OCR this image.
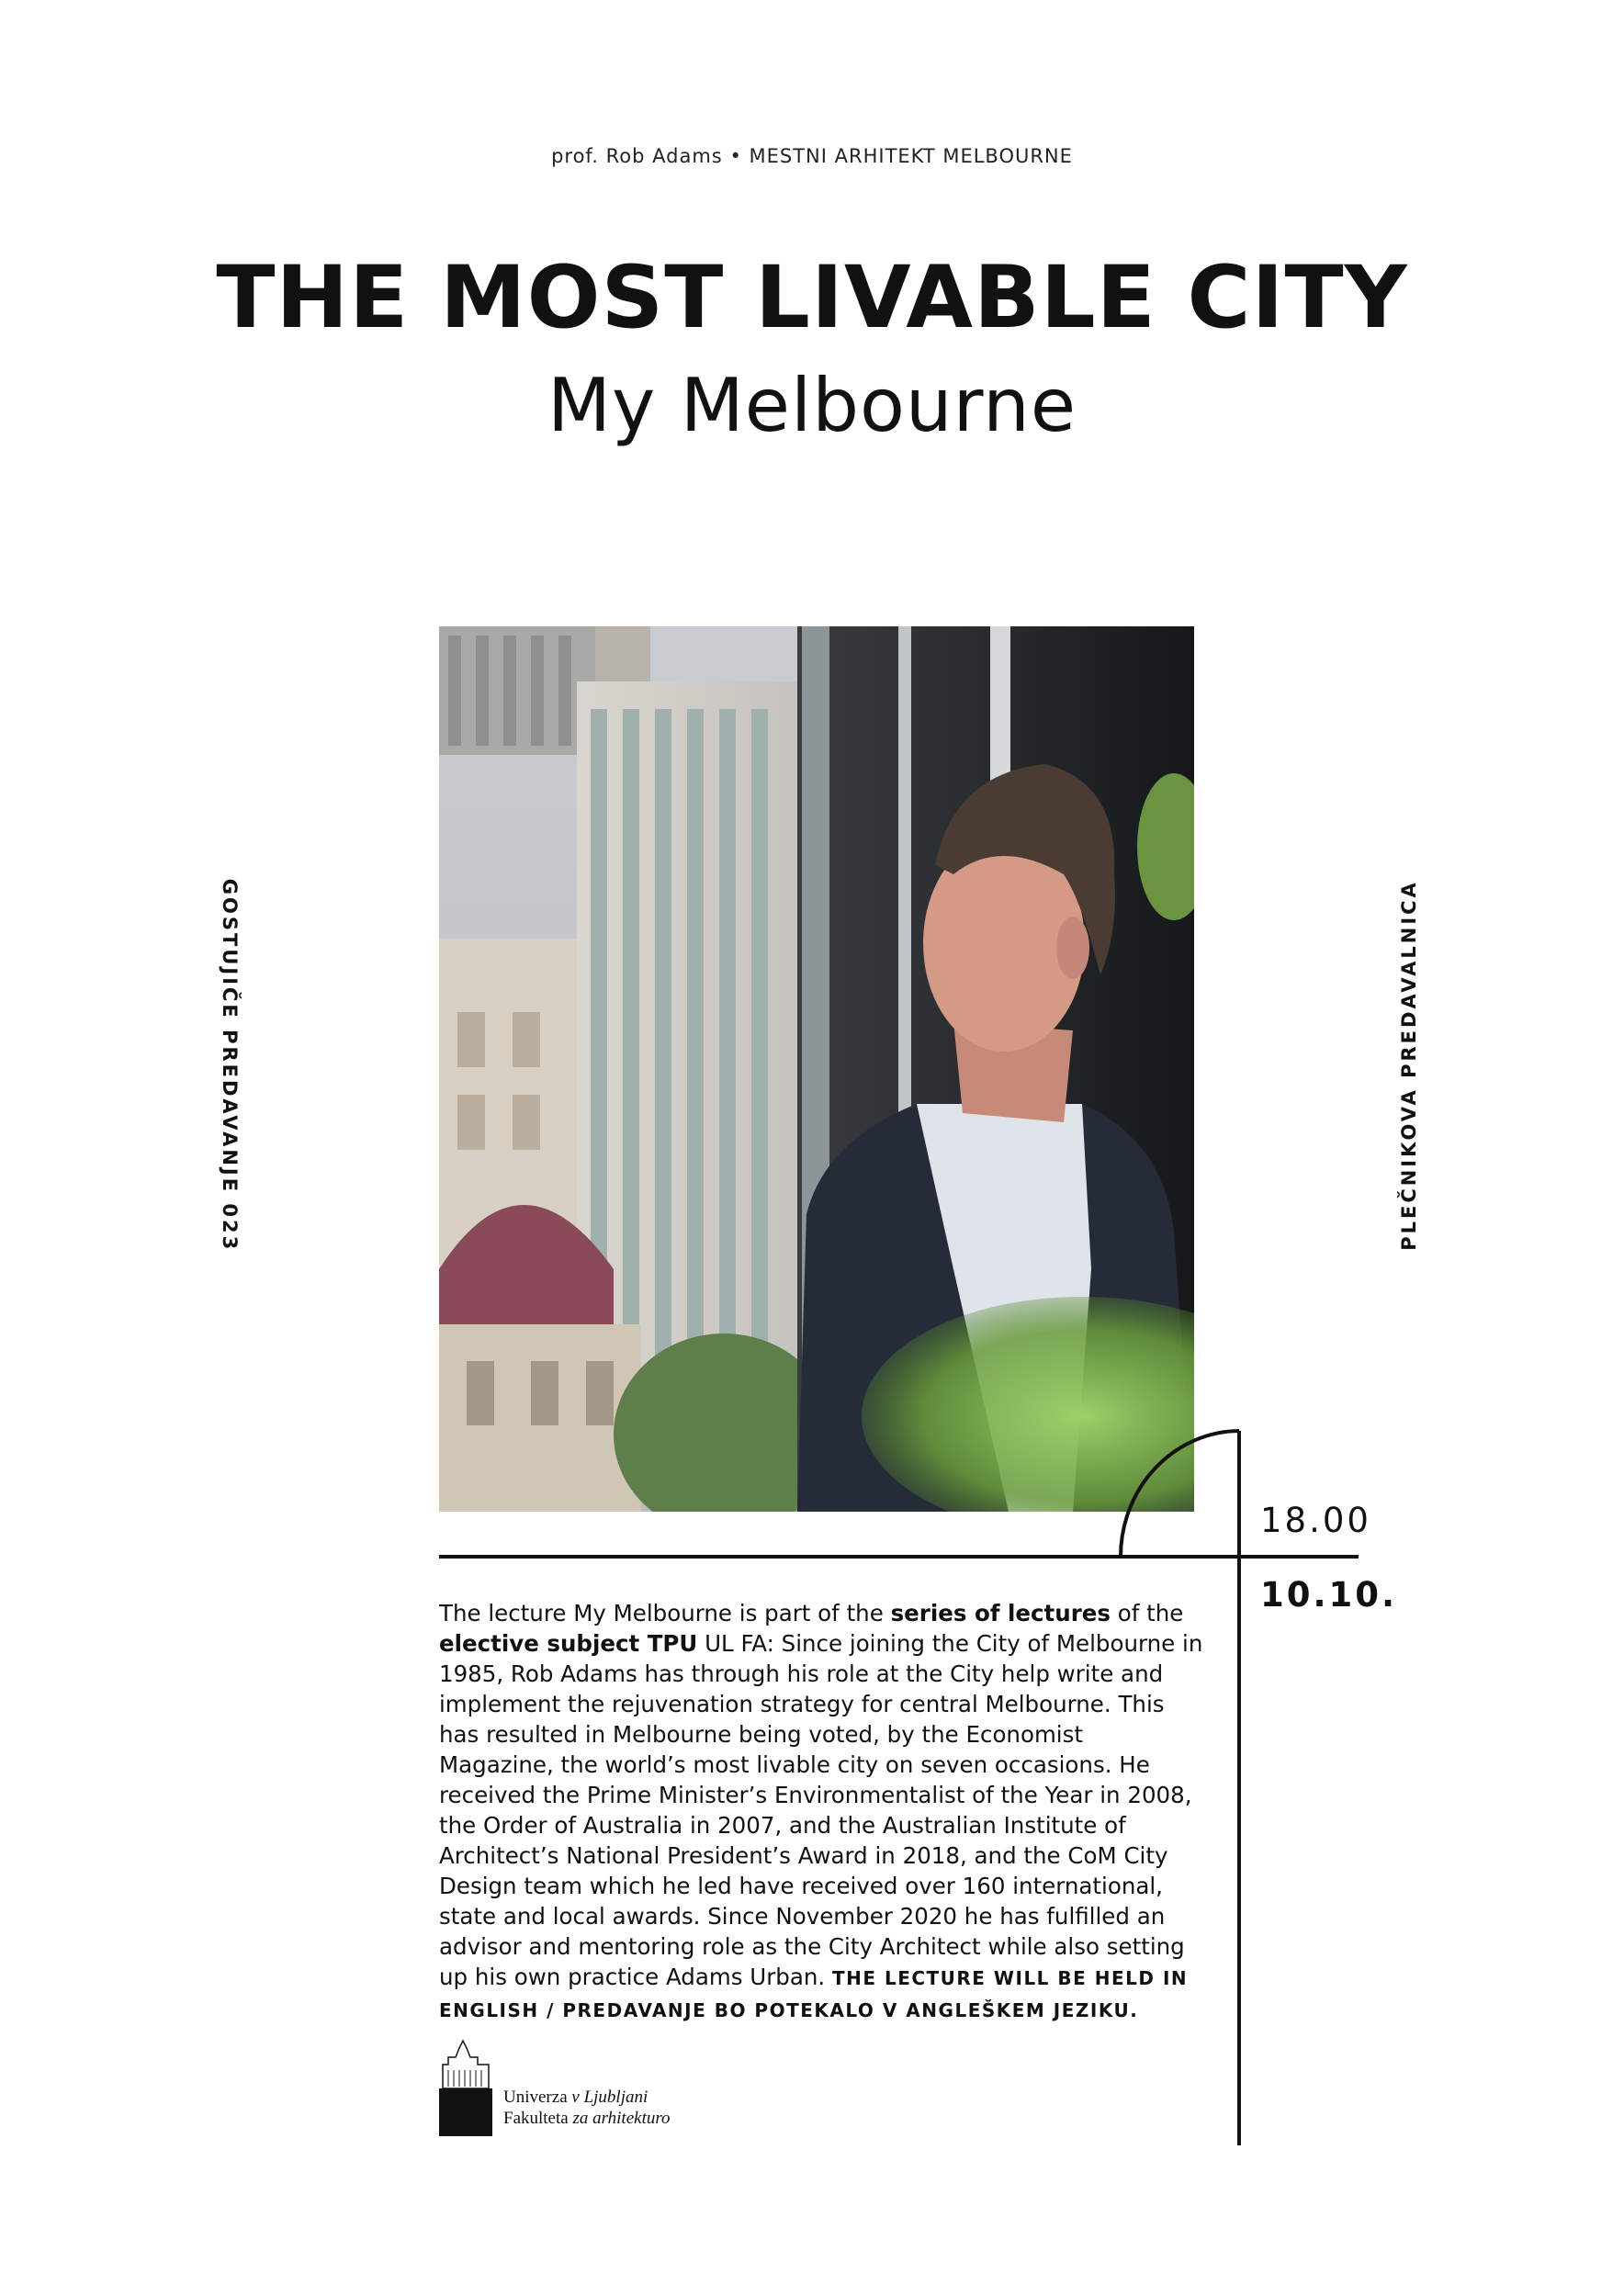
prof. Rob Adams • MESTNI ARHITEKT MELBOURNE
THE MOST LIVABLE CITY
My Melbourne
GOSTUJIČE PREDAVANJE 023	PLEČNIKOVA PREDAVALNICA
18.00
10.10.
The lecture My Melbourne is part of the series of lectures of the elective subject TPU UL FA: Since joining the City of Melbourne in 1985, Rob Adams has through his role at the City help write and implement the rejuvenation strategy for central Melbourne. This has resulted in Melbourne being voted, by the Economist Magazine, the world’s most livable city on seven occasions. He received the Prime Minister’s Environmentalist of the Year in 2008, the Order of Australia in 2007, and the Australian Institute of Architect’s National President’s Award in 2018, and the CoM City Design team which he led have received over 160 international, state and local awards. Since November 2020 he has fulfilled an advisor and mentoring role as the City Architect while also setting up his own practice Adams Urban. THE LECTURE WILL BE HELD IN ENGLISH / PREDAVANJE BO POTEKALO V ANGLEŠKEM JEZIKU.
Univerza v Ljubljani
Fakulteta za arhitekturo
